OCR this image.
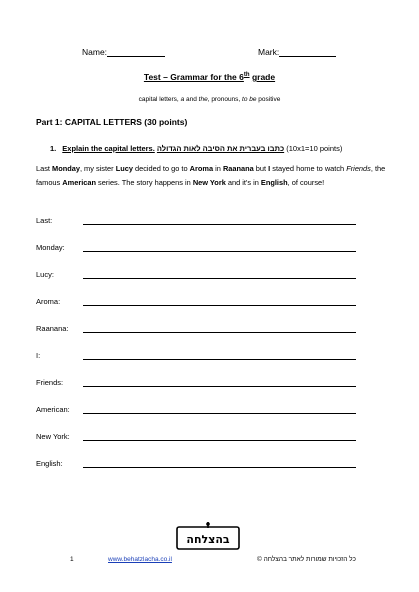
Name:	Mark:
Test – Grammar for the 6th grade
capital letters, a and the, pronouns, to be positive
Part 1: CAPITAL LETTERS (30 points)
1. Explain the capital letters. כתבו בעברית את הסיבה לאות הגדולה (10x1=10 points)
Last Monday, my sister Lucy decided to go to Aroma in Raanana but I stayed home to watch Friends, the famous American series. The story happens in New York and it's in English, of course!
Last:
Monday:
Lucy:
Aroma:
Raanana:
I:
Friends:
American:
New York:
English:
בהצלחה
1	www.behatzlacha.co.il	כל הזכויות שמורות לאתר בהצלחה ©
